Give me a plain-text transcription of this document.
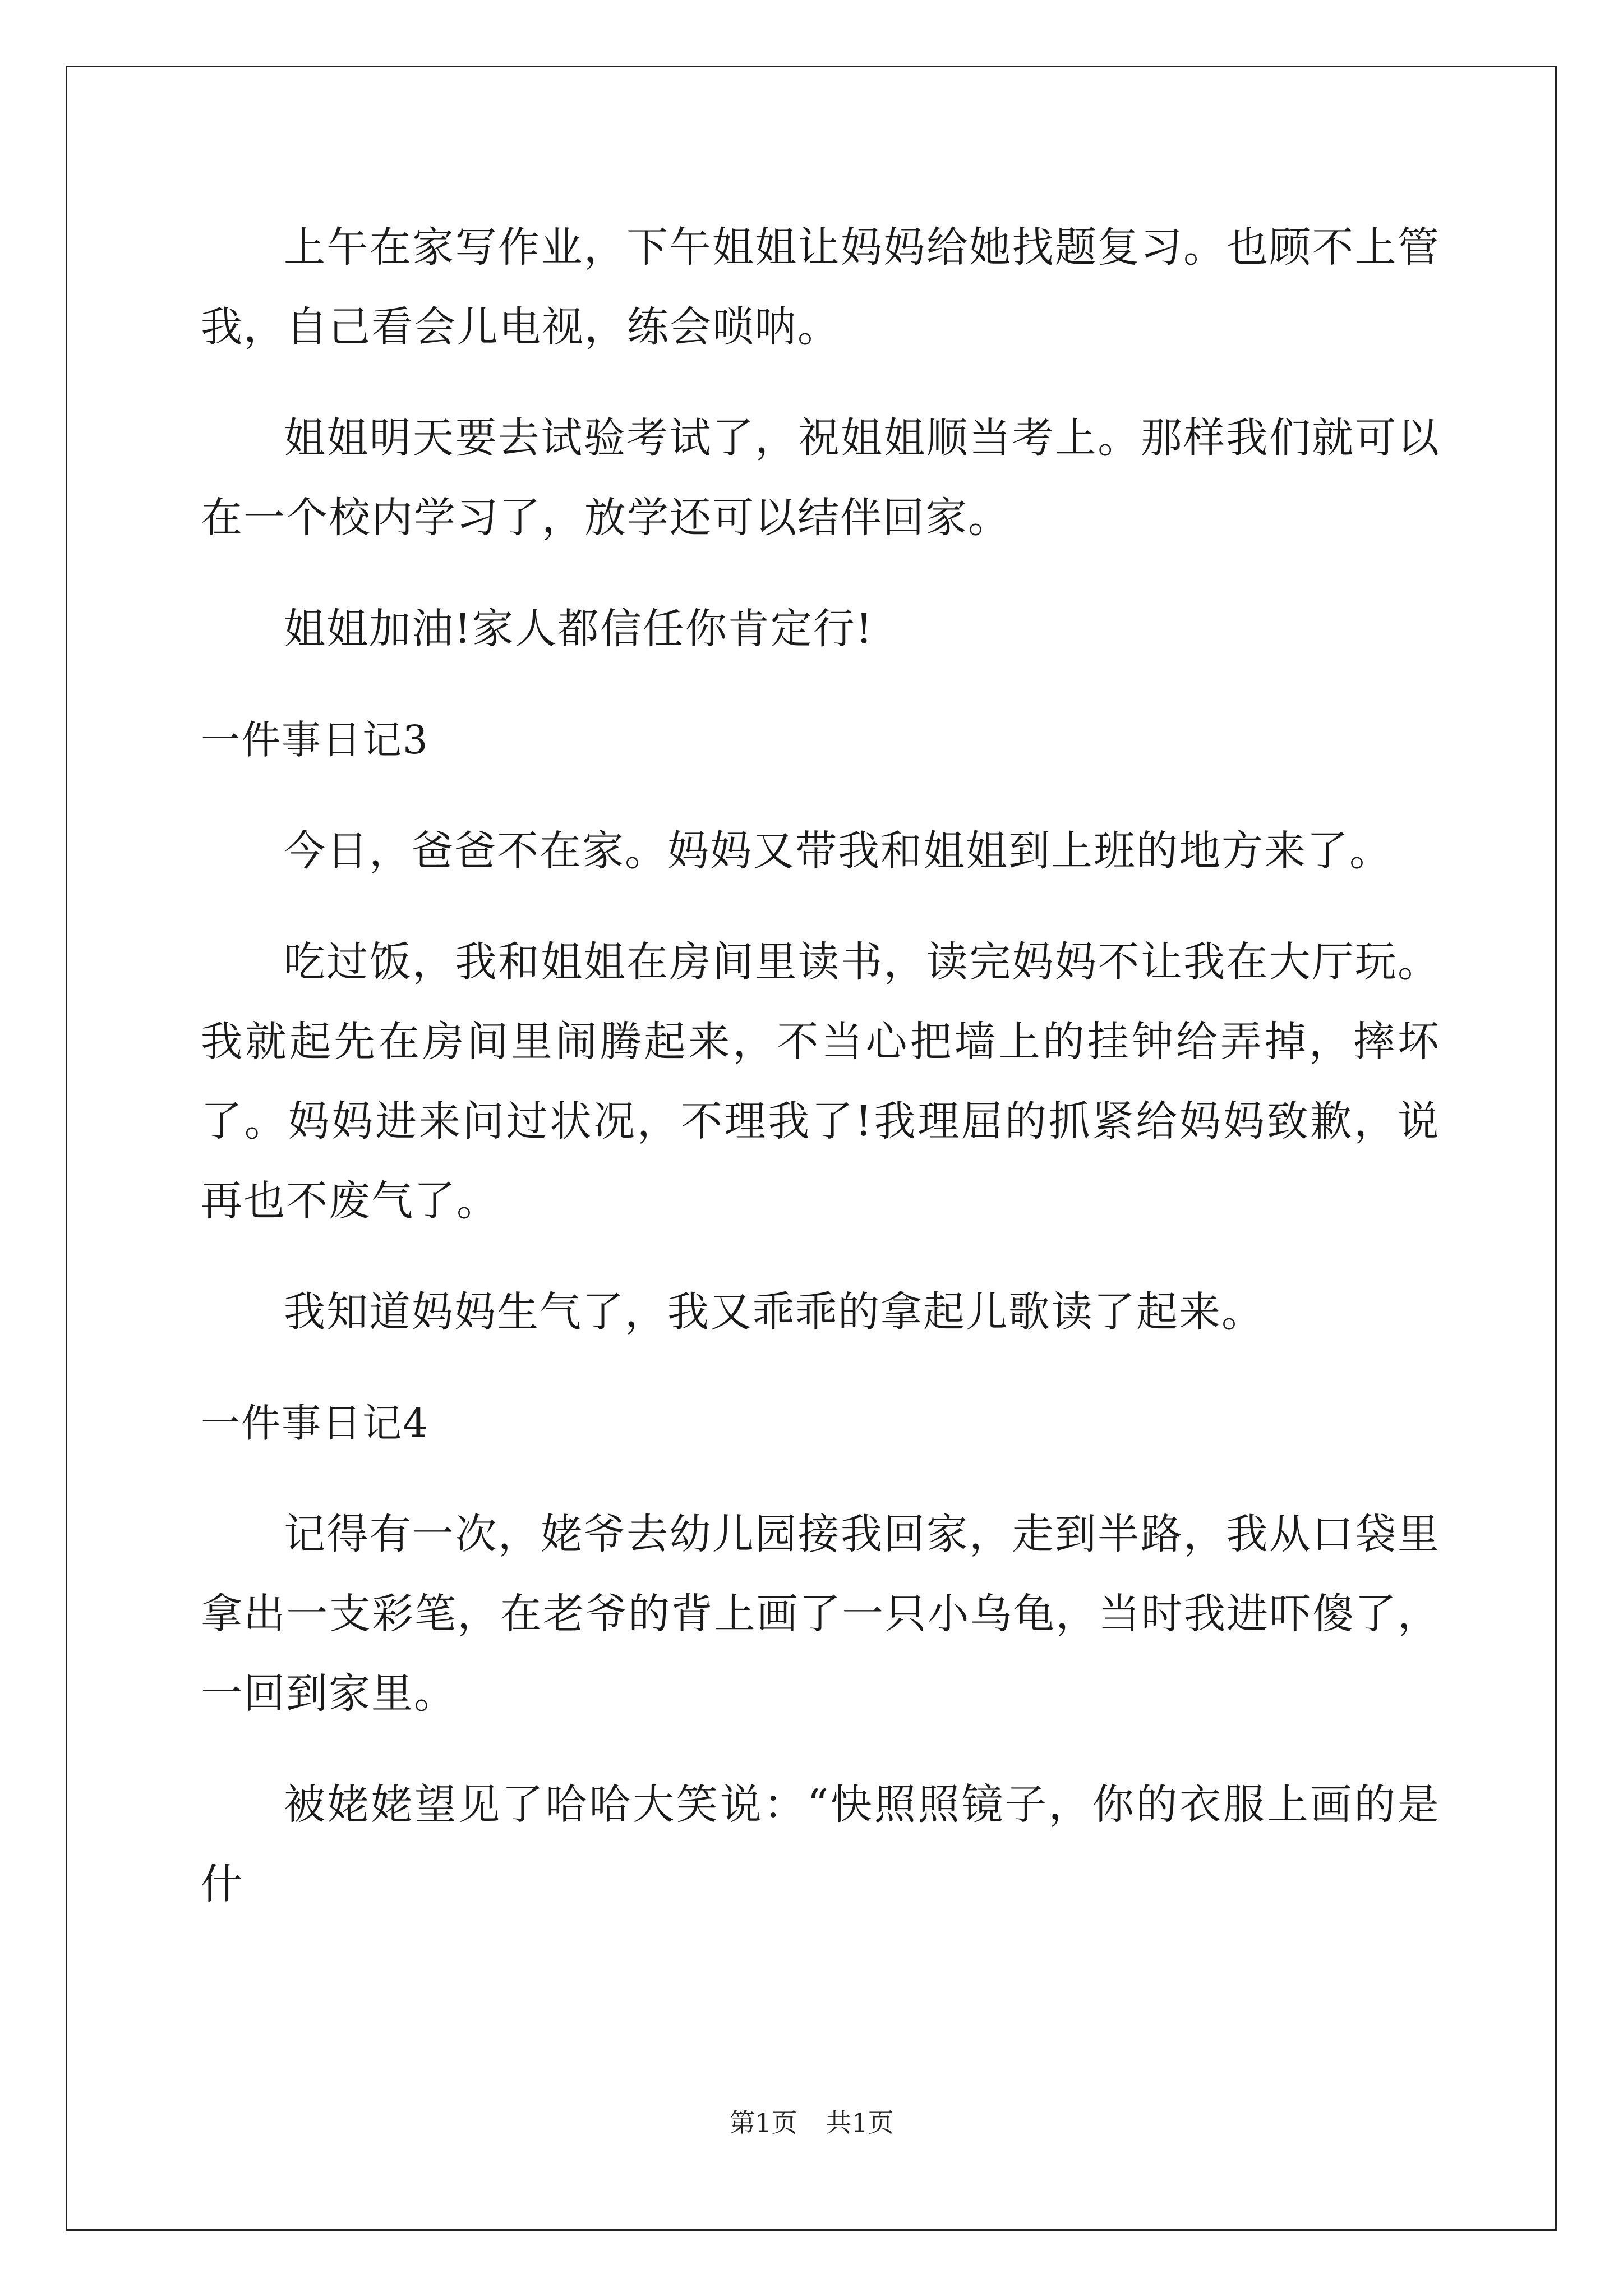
上午在家写作业，下午姐姐让妈妈给她找题复习。也顾不上管我，自己看会儿电视，练会唢呐。

姐姐明天要去试验考试了，祝姐姐顺当考上。那样我们就可以在一个校内学习了，放学还可以结伴回家。

姐姐加油!家人都信任你肯定行!

一件事日记3

今日，爸爸不在家。妈妈又带我和姐姐到上班的地方来了。

吃过饭，我和姐姐在房间里读书，读完妈妈不让我在大厅玩。我就起先在房间里闹腾起来，不当心把墙上的挂钟给弄掉，摔坏了。妈妈进来问过状况，不理我了!我理屈的抓紧给妈妈致歉，说再也不废气了。

我知道妈妈生气了，我又乖乖的拿起儿歌读了起来。

一件事日记4

记得有一次，姥爷去幼儿园接我回家，走到半路，我从口袋里拿出一支彩笔，在老爷的背上画了一只小乌龟，当时我进吓傻了，一回到家里。

被姥姥望见了哈哈大笑说：“快照照镜子，你的衣服上画的是什

第1页 共1页
